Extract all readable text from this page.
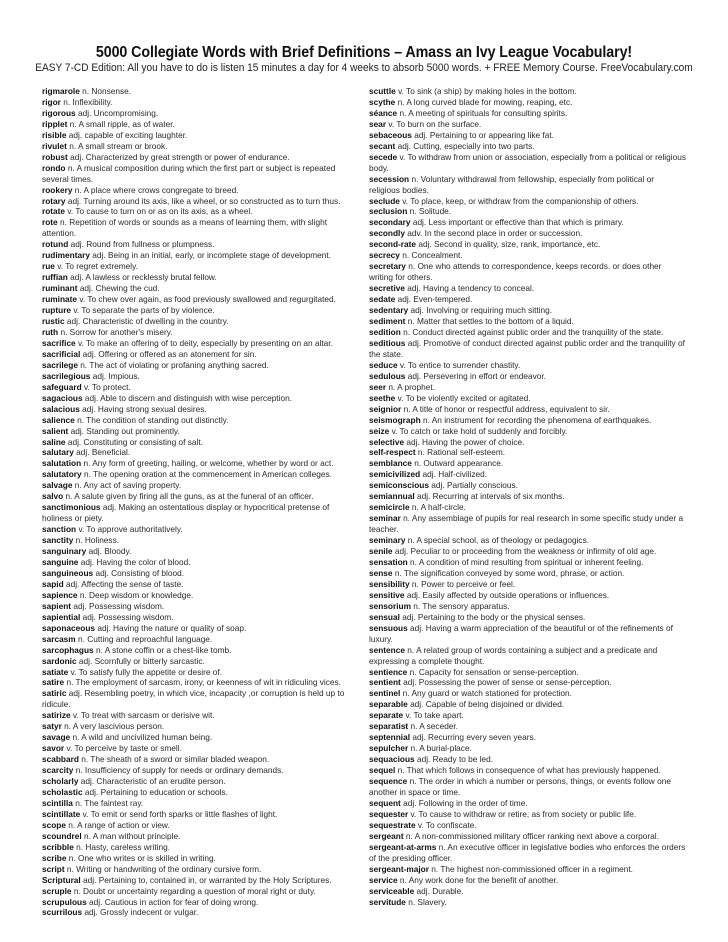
5000 Collegiate Words with Brief Definitions – Amass an Ivy League Vocabulary!
EASY 7-CD Edition: All you have to do is listen 15 minutes a day for 4 weeks to absorb 5000 words. + FREE Memory Course. FreeVocabulary.com

rigmarole n. Nonsense.

rigor n. Inflexibility.

rigorous adj. Uncompromising.

ripplet n. A small ripple, as of water.

risible adj. capable of exciting laughter.

rivulet n. A small stream or brook.

robust adj. Characterized by great strength or power of endurance.

rondo n. A musical composition during which the first part or subject is repeated several times.

rookery n. A place where crows congregate to breed.

rotary adj. Turning around its axis, like a wheel, or so constructed as to turn thus.

rotate v. To cause to turn on or as on its axis, as a wheel.

rote n. Repetition of words or sounds as a means of learning them, with slight attention.

rotund adj. Round from fullness or plumpness.

rudimentary adj. Being in an initial, early, or incomplete stage of development.

rue v. To regret extremely.

ruffian adj. A lawless or recklessly brutal fellow.

ruminant adj. Chewing the cud.

ruminate v. To chew over again, as food previously swallowed and regurgitated.

rupture v. To separate the parts of by violence.

rustic adj. Characteristic of dwelling in the country.

ruth n. Sorrow for another's misery.

sacrifice v. To make an offering of to deity, especially by presenting on an altar.

sacrificial adj. Offering or offered as an atonement for sin.

sacrilege n. The act of violating or profaning anything sacred.

sacrilegious adj. Impious.

safeguard v. To protect.

sagacious adj. Able to discern and distinguish with wise perception.

salacious adj. Having strong sexual desires.

salience n. The condition of standing out distinctly.

salient adj. Standing out prominently.

saline adj. Constituting or consisting of salt.

salutary adj. Beneficial.

salutation n. Any form of greeting, hailing, or welcome, whether by word or act.

salutatory n. The opening oration at the commencement in American colleges.

salvage n. Any act of saving property.

salvo n. A salute given by firing all the guns, as at the funeral of an officer.

sanctimonious adj. Making an ostentatious display or hypocritical pretense of holiness or piety.

sanction v. To approve authoritatively.

sanctity n. Holiness.

sanguinary adj. Bloody.

sanguine adj. Having the color of blood.

sanguineous adj. Consisting of blood.

sapid adj. Affecting the sense of taste.

sapience n. Deep wisdom or knowledge.

sapient adj. Possessing wisdom.

sapiential adj. Possessing wisdom.

saponaceous adj. Having the nature or quality of soap.

sarcasm n. Cutting and reproachful language.

sarcophagus n. A stone coffin or a chest-like tomb.

sardonic adj. Scornfully or bitterly sarcastic.

satiate v. To satisfy fully the appetite or desire of.

satire n. The employment of sarcasm, irony, or keenness of wit in ridiculing vices.

satiric adj. Resembling poetry, in which vice, incapacity ,or corruption is held up to ridicule.

satirize v. To treat with sarcasm or derisive wit.

satyr n. A very lascivious person.

savage n. A wild and uncivilized human being.

savor v. To perceive by taste or smell.

scabbard n. The sheath of a sword or similar bladed weapon.

scarcity n. Insufficiency of supply for needs or ordinary demands.

scholarly adj. Characteristic of an erudite person.

scholastic adj. Pertaining to education or schools.

scintilla n. The faintest ray.

scintillate v. To emit or send forth sparks or little flashes of light.

scope n. A range of action or view.

scoundrel n. A man without principle.

scribble n. Hasty, careless writing.

scribe n. One who writes or is skilled in writing.

script n. Writing or handwriting of the ordinary cursive form.

Scriptural adj. Pertaining to, contained in, or warranted by the Holy Scriptures.

scruple n. Doubt or uncertainty regarding a question of moral right or duty.

scrupulous adj. Cautious in action for fear of doing wrong.

scurrilous adj. Grossly indecent or vulgar.

scuttle v. To sink (a ship) by making holes in the bottom.

scythe n. A long curved blade for mowing, reaping, etc.

séance n. A meeting of spirituals for consulting spirits.

sear v. To burn on the surface.

sebaceous adj. Pertaining to or appearing like fat.

secant adj. Cutting, especially into two parts.

secede v. To withdraw from union or association, especially from a political or religious body.

secession n. Voluntary withdrawal from fellowship, especially from political or religious bodies.

seclude v. To place, keep, or withdraw from the companionship of others.

seclusion n. Solitude.

secondary adj. Less important or effective than that which is primary.

secondly adv. In the second place in order or succession.

second-rate adj. Second in quality, size, rank, importance, etc.

secrecy n. Concealment.

secretary n. One who attends to correspondence, keeps records. or does other writing for others.

secretive adj. Having a tendency to conceal.

sedate adj. Even-tempered.

sedentary adj. Involving or requiring much sitting.

sediment n. Matter that settles to the bottom of a liquid.

sedition n. Conduct directed against public order and the tranquility of the state.

seditious adj. Promotive of conduct directed against public order and the tranquility of the state.

seduce v. To entice to surrender chastity.

sedulous adj. Persevering in effort or endeavor.

seer n. A prophet.

seethe v. To be violently excited or agitated.

seignior n. A title of honor or respectful address, equivalent to sir.

seismograph n. An instrument for recording the phenomena of earthquakes.

seize v. To catch or take hold of suddenly and forcibly.

selective adj. Having the power of choice.

self-respect n. Rational self-esteem.

semblance n. Outward appearance.

semicivilized adj. Half-civilized.

semiconscious adj. Partially conscious.

semiannual adj. Recurring at intervals of six months.

semicircle n. A half-circle.

seminar n. Any assemblage of pupils for real research in some specific study under a teacher.

seminary n. A special school, as of theology or pedagogics.

senile adj. Peculiar to or proceeding from the weakness or infirmity of old age.

sensation n. A condition of mind resulting from spiritual or inherent feeling.

sense n. The signification conveyed by some word, phrase, or action.

sensibility n. Power to perceive or feel.

sensitive adj. Easily affected by outside operations or influences.

sensorium n. The sensory apparatus.

sensual adj. Pertaining to the body or the physical senses.

sensuous adj. Having a warm appreciation of the beautiful or of the refinements of luxury.

sentence n. A related group of words containing a subject and a predicate and expressing a complete thought.

sentience n. Capacity for sensation or sense-perception.

sentient adj. Possessing the power of sense or sense-perception.

sentinel n. Any guard or watch stationed for protection.

separable adj. Capable of being disjoined or divided.

separate v. To take apart.

separatist n. A seceder.

septennial adj. Recurring every seven years.

sepulcher n. A burial-place.

sequacious adj. Ready to be led.

sequel n. That which follows in consequence of what has previously happened.

sequence n. The order in which a number or persons, things, or events follow one another in space or time.

sequent adj. Following in the order of time.

sequester v. To cause to withdraw or retire, as from society or public life.

sequestrate v. To confiscate.

sergeant n. A non-commissioned military officer ranking next above a corporal.

sergeant-at-arms n. An executive officer in legislative bodies who enforces the orders of the presiding officer.

sergeant-major n. The highest non-commissioned officer in a regiment.

service n. Any work done for the benefit of another.

serviceable adj. Durable.

servitude n. Slavery.
